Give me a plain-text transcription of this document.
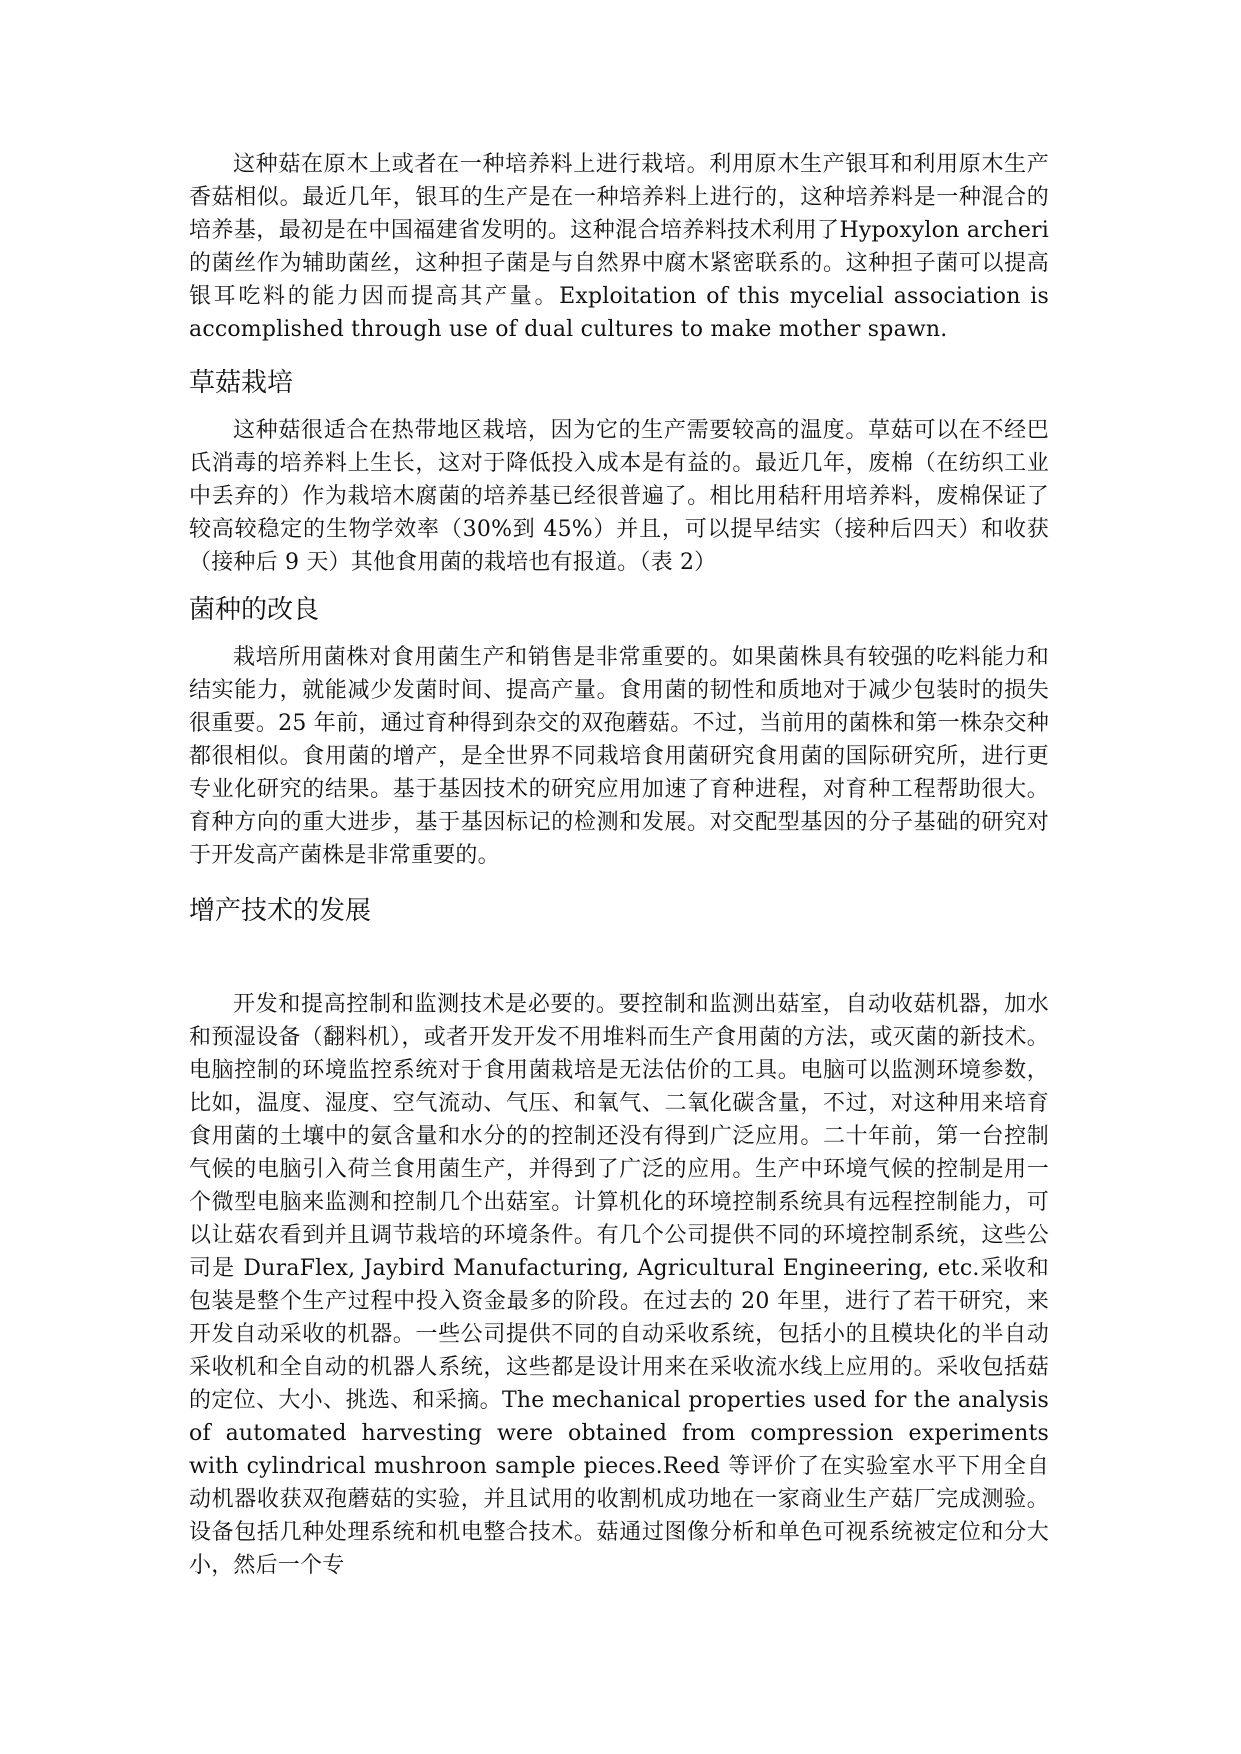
这种菇在原木上或者在一种培养料上进行栽培。利用原木生产银耳和利用原木生产香菇相似。最近几年，银耳的生产是在一种培养料上进行的，这种培养料是一种混合的培养基，最初是在中国福建省发明的。这种混合培养料技术利用了Hypoxylon archeri 的菌丝作为辅助菌丝，这种担子菌是与自然界中腐木紧密联系的。这种担子菌可以提高银耳吃料的能力因而提高其产量。Exploitation of this mycelial association is accomplished through use of dual cultures to make mother spawn.

草菇栽培

这种菇很适合在热带地区栽培，因为它的生产需要较高的温度。草菇可以在不经巴氏消毒的培养料上生长，这对于降低投入成本是有益的。最近几年，废棉（在纺织工业中丢弃的）作为栽培木腐菌的培养基已经很普遍了。相比用秸秆用培养料，废棉保证了较高较稳定的生物学效率（30%到 45%）并且，可以提早结实（接种后四天）和收获（接种后 9 天）其他食用菌的栽培也有报道。（表 2）

菌种的改良

栽培所用菌株对食用菌生产和销售是非常重要的。如果菌株具有较强的吃料能力和结实能力，就能减少发菌时间、提高产量。食用菌的韧性和质地对于减少包装时的损失很重要。25 年前，通过育种得到杂交的双孢蘑菇。不过，当前用的菌株和第一株杂交种都很相似。食用菌的增产，是全世界不同栽培食用菌研究食用菌的国际研究所，进行更专业化研究的结果。基于基因技术的研究应用加速了育种进程，对育种工程帮助很大。育种方向的重大进步，基于基因标记的检测和发展。对交配型基因的分子基础的研究对于开发高产菌株是非常重要的。

增产技术的发展

开发和提高控制和监测技术是必要的。要控制和监测出菇室，自动收菇机器，加水和预湿设备（翻料机），或者开发开发不用堆料而生产食用菌的方法，或灭菌的新技术。电脑控制的环境监控系统对于食用菌栽培是无法估价的工具。电脑可以监测环境参数，比如，温度、湿度、空气流动、气压、和氧气、二氧化碳含量，不过，对这种用来培育食用菌的土壤中的氨含量和水分的的控制还没有得到广泛应用。二十年前，第一台控制气候的电脑引入荷兰食用菌生产，并得到了广泛的应用。生产中环境气候的控制是用一个微型电脑来监测和控制几个出菇室。计算机化的环境控制系统具有远程控制能力，可以让菇农看到并且调节栽培的环境条件。有几个公司提供不同的环境控制系统，这些公司是 DuraFlex, Jaybird Manufacturing, Agricultural Engineering, etc.采收和包装是整个生产过程中投入资金最多的阶段。在过去的 20 年里，进行了若干研究，来开发自动采收的机器。一些公司提供不同的自动采收系统，包括小的且模块化的半自动采收机和全自动的机器人系统，这些都是设计用来在采收流水线上应用的。采收包括菇的定位、大小、挑选、和采摘。The mechanical properties used for the analysis of automated harvesting were obtained from compression experiments with cylindrical mushroon sample pieces.Reed 等评价了在实验室水平下用全自动机器收获双孢蘑菇的实验，并且试用的收割机成功地在一家商业生产菇厂完成测验。设备包括几种处理系统和机电整合技术。菇通过图像分析和单色可视系统被定位和分大小，然后一个专
